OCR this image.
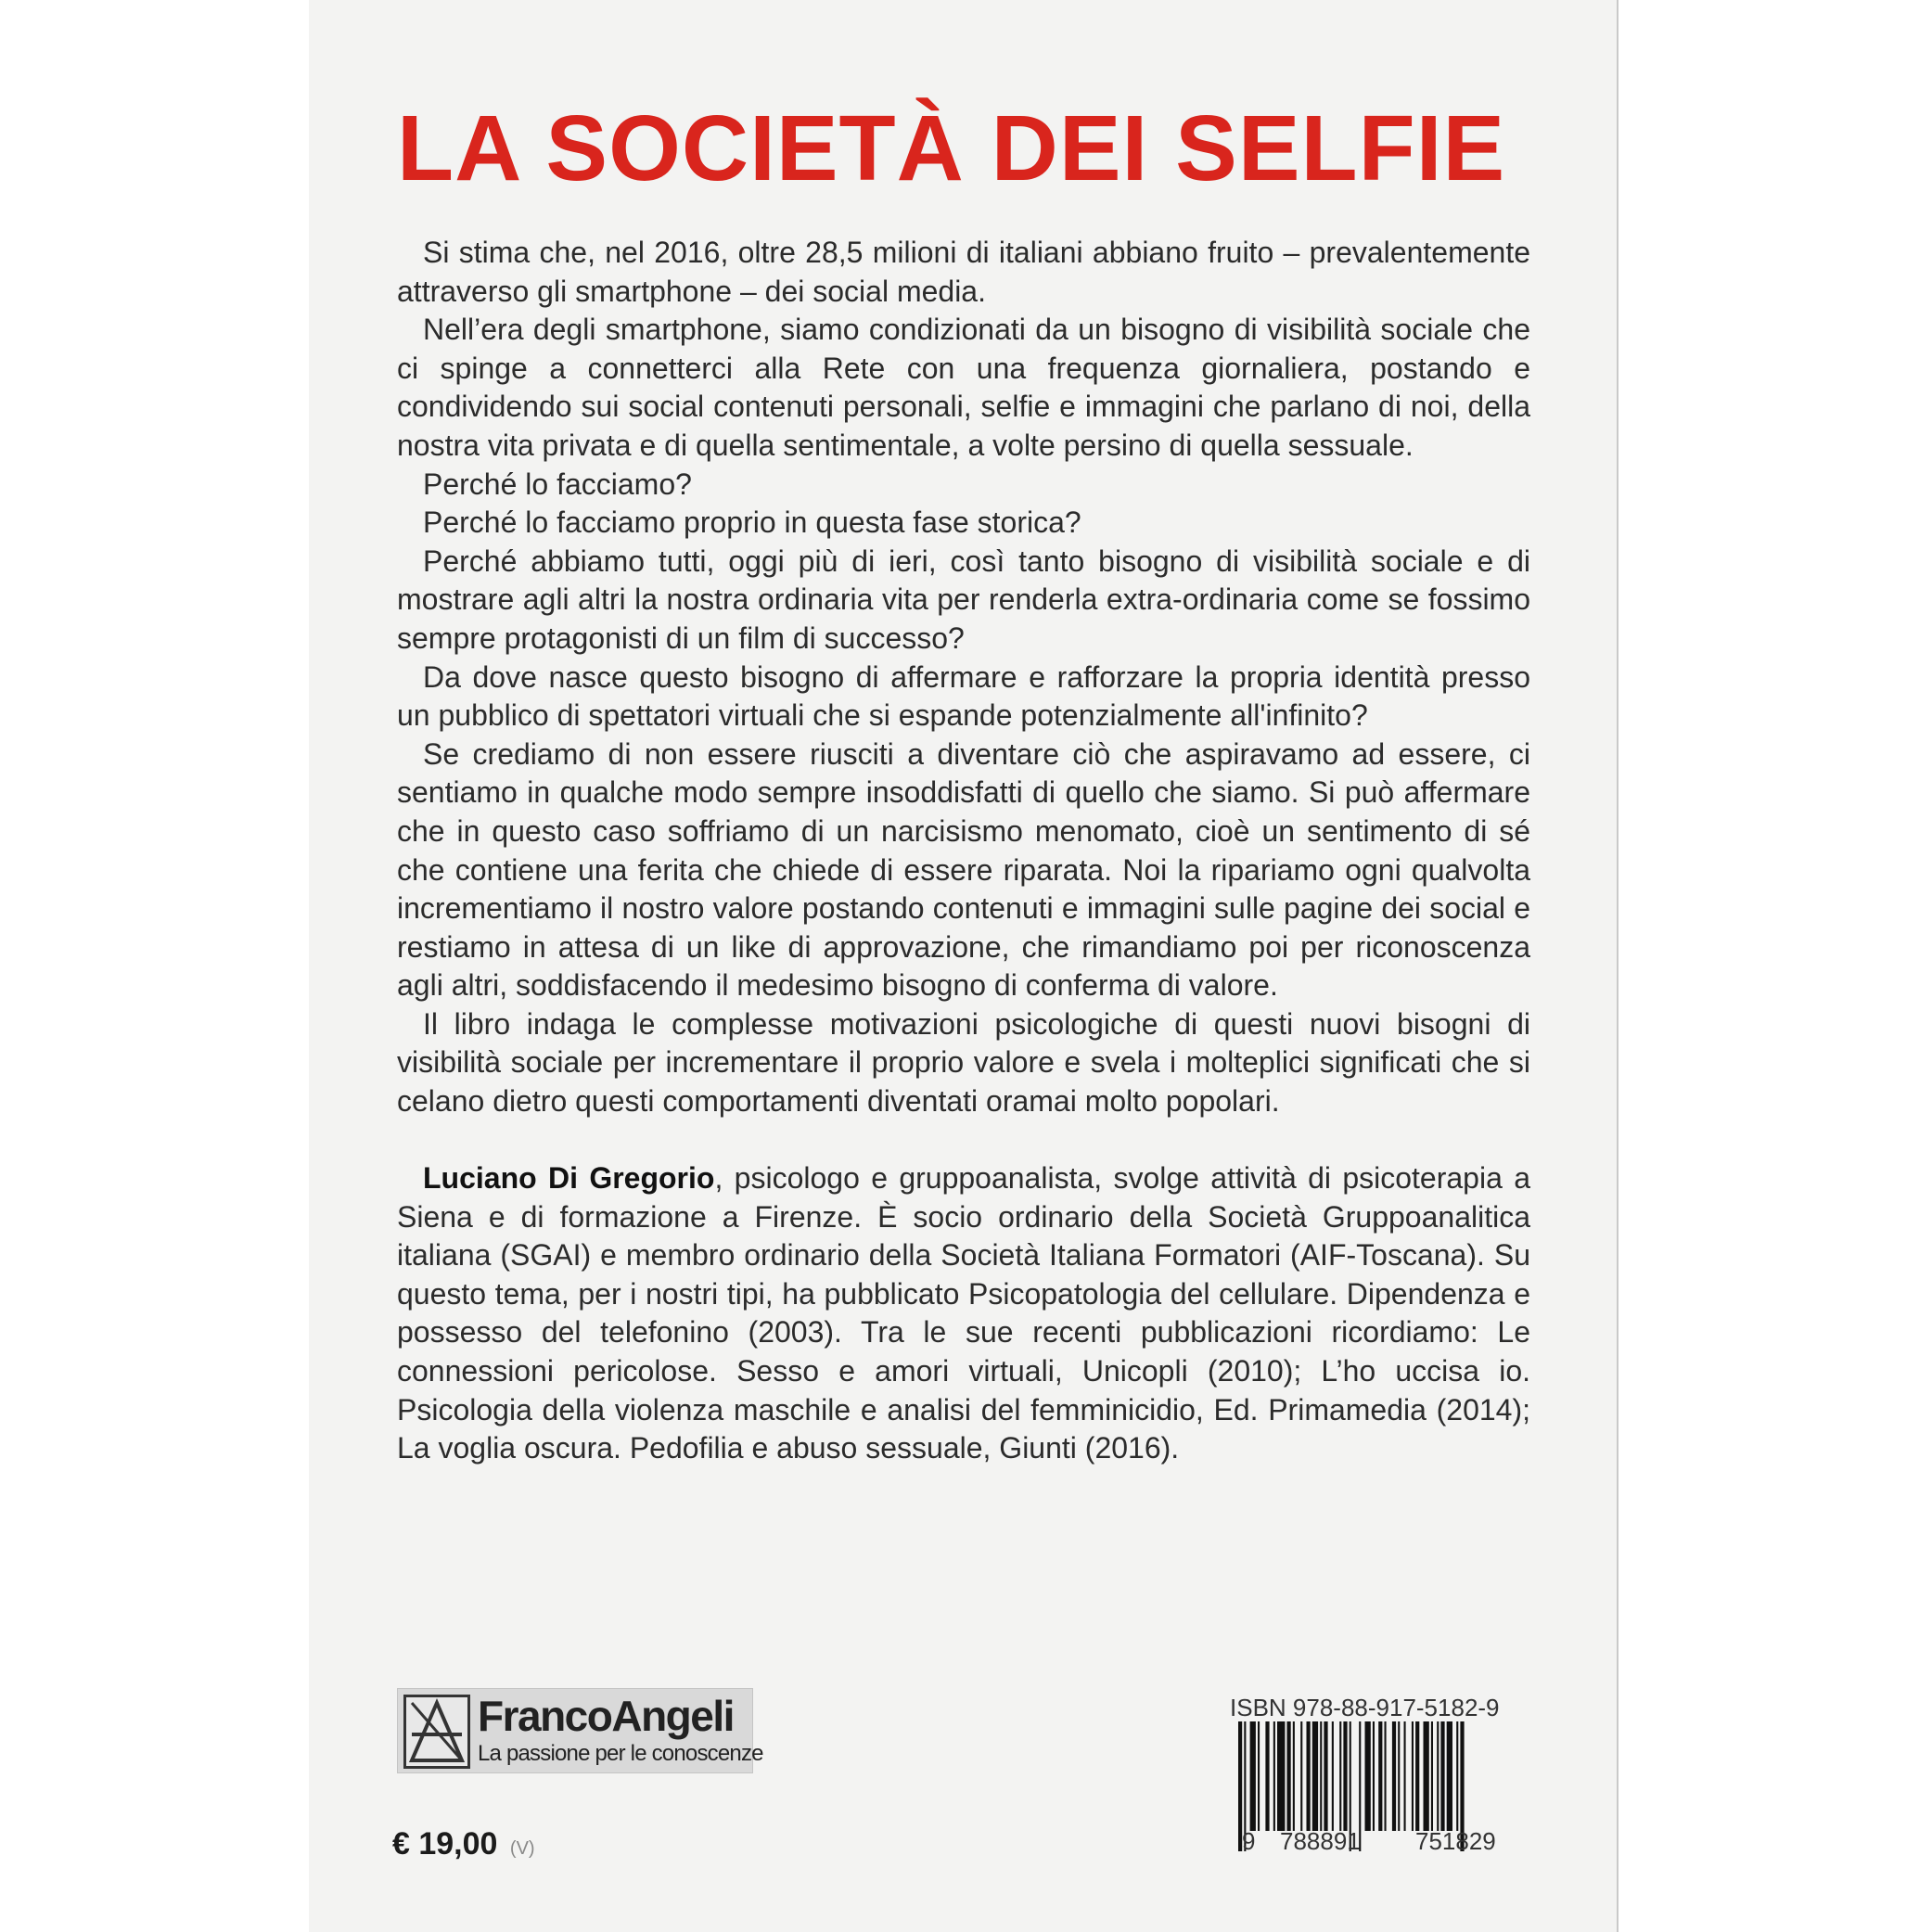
LA SOCIETÀ DEI SELFIE

Si stima che, nel 2016, oltre 28,5 milioni di italiani abbiano fruito – prevalentemente attraverso gli smartphone – dei social media.

Nell’era degli smartphone, siamo condizionati da un bisogno di visibilità sociale che ci spinge a connetterci alla Rete con una frequenza giornaliera, postando e condividendo sui social contenuti personali, selfie e immagini che parlano di noi, della nostra vita privata e di quella sentimentale, a volte persino di quella sessuale.

Perché lo facciamo?

Perché lo facciamo proprio in questa fase storica?

Perché abbiamo tutti, oggi più di ieri, così tanto bisogno di visibilità sociale e di mostrare agli altri la nostra ordinaria vita per renderla extra-ordinaria come se fossimo sempre protagonisti di un film di successo?

Da dove nasce questo bisogno di affermare e rafforzare la propria identità presso un pubblico di spettatori virtuali che si espande potenzialmente all'infinito?

Se crediamo di non essere riusciti a diventare ciò che aspiravamo ad essere, ci sentiamo in qualche modo sempre insoddisfatti di quello che siamo. Si può affermare che in questo caso soffriamo di un narcisismo menomato, cioè un sentimento di sé che contiene una ferita che chiede di essere riparata. Noi la ripariamo ogni qualvolta incrementiamo il nostro valore postando contenuti e immagini sulle pagine dei social e restiamo in attesa di un like di approvazione, che rimandiamo poi per riconoscenza agli altri, soddisfacendo il medesimo bisogno di conferma di valore.

Il libro indaga le complesse motivazioni psicologiche di questi nuovi bisogni di visibilità sociale per incrementare il proprio valore e svela i molteplici significati che si celano dietro questi comportamenti diventati oramai molto popolari.

Luciano Di Gregorio, psicologo e gruppoanalista, svolge attività di psicoterapia a Siena e di formazione a Firenze. È socio ordinario della Società Gruppoanalitica italiana (SGAI) e membro ordinario della Società Italiana Formatori (AIF-Toscana). Su questo tema, per i nostri tipi, ha pubblicato Psicopatologia del cellulare. Dipendenza e possesso del telefonino (2003). Tra le sue recenti pubblicazioni ricordiamo: Le connessioni pericolose. Sesso e amori virtuali, Unicopli (2010); L’ho uccisa io. Psicologia della violenza maschile e analisi del femminicidio, Ed. Primamedia (2014); La voglia oscura. Pedofilia e abuso sessuale, Giunti (2016).

FrancoAngeli
La passione per le conoscenze
€ 19,00 (V)
ISBN 978-88-917-5182-9
9 788891 751829
